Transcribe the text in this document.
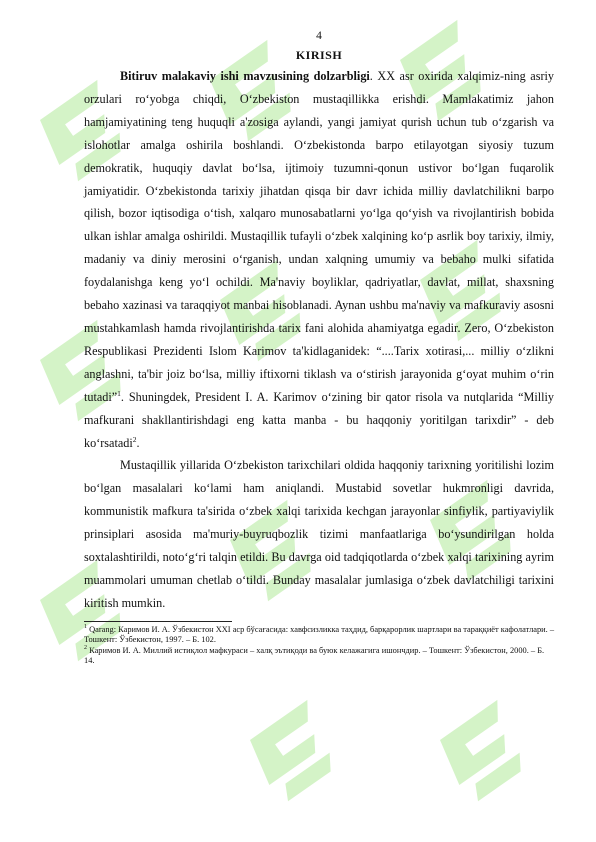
4

KIRISH

Bitiruv malakaviy ishi mavzusining dolzarbligi. XX asr oxirida xalqimiz-ning asriy orzulari ro‘yobga chiqdi, O‘zbekiston mustaqillikka erishdi. Mamlakatimiz jahon hamjamiyatining teng huquqli a'zosiga aylandi, yangi jamiyat qurish uchun tub o‘zgarish va islohotlar amalga oshirila boshlandi. O‘zbekistonda barpo etilayotgan siyosiy tuzum demokratik, huquqiy davlat bo‘lsa, ijtimoiy tuzumni-qonun ustivor bo‘lgan fuqarolik jamiyatidir. O‘zbekistonda tarixiy jihatdan qisqa bir davr ichida milliy davlatchilikni barpo qilish, bozor iqtisodiga o‘tish, xalqaro munosabatlarni yo‘lga qo‘yish va rivojlantirish bobida ulkan ishlar amalga oshirildi. Mustaqillik tufayli o‘zbek xalqining ko‘p asrlik boy tarixiy, ilmiy, madaniy va diniy merosini o‘rganish, undan xalqning umumiy va bebaho mulki sifatida foydalanishga keng yo‘l ochildi. Ma'naviy boyliklar, qadriyatlar, davlat, millat, shaxsning bebaho xazinasi va taraqqiyot manbai hisoblanadi. Aynan ushbu ma'naviy va mafkuraviy asosni mustahkamlash hamda rivojlantirishda tarix fani alohida ahamiyatga egadir. Zero, O‘zbekiston Respublikasi Prezidenti Islom Karimov ta'kidlaganidek: “....Tarix xotirasi,... milliy o‘zlikni anglashni, ta'bir joiz bo‘lsa, milliy iftixorni tiklash va o‘stirish jarayonida g‘oyat muhim o‘rin tutadi”$^1$. Shuningdek, President I. A. Karimov o‘zining bir qator risola va nutqlarida “Milliy mafkurani shakllantirishdagi eng katta manba - bu haqqoniy yoritilgan tarixdir” - deb ko‘rsatadi$^2$.

Mustaqillik yillarida O‘zbekiston tarixchilari oldida haqqoniy tarixning yoritilishi lozim bo‘lgan masalalari ko‘lami ham aniqlandi. Mustabid sovetlar hukmronligi davrida, kommunistik mafkura ta'sirida o‘zbek xalqi tarixida kechgan jarayonlar sinfiylik, partiyaviylik prinsiplari asosida ma'muriy-buyruqbozlik tizimi manfaatlariga bo‘ysundirilgan holda soxtalashtirildi, noto‘g‘ri talqin etildi. Bu davrga oid tadqiqotlarda o‘zbek xalqi tarixining ayrim muammolari umuman chetlab o‘tildi. Bunday masalalar jumlasiga o‘zbek davlatchiligi tarixini kiritish mumkin.

$^1$ Qarang: Каримов И. А. Ўзбекистон XXI аср бўсағасида: хавфсизликка таҳдид, барқарорлик шартлари ва тараққиёт кафолатлари. – Тошкент: Ўзбекистон, 1997. – Б. 102.

$^2$ Каримов И. А. Миллий истиқлол мафкураси – халқ эътиқоди ва буюк келажагига ишончдир. – Тошкент: Ўзбекистон, 2000. – Б. 14.
